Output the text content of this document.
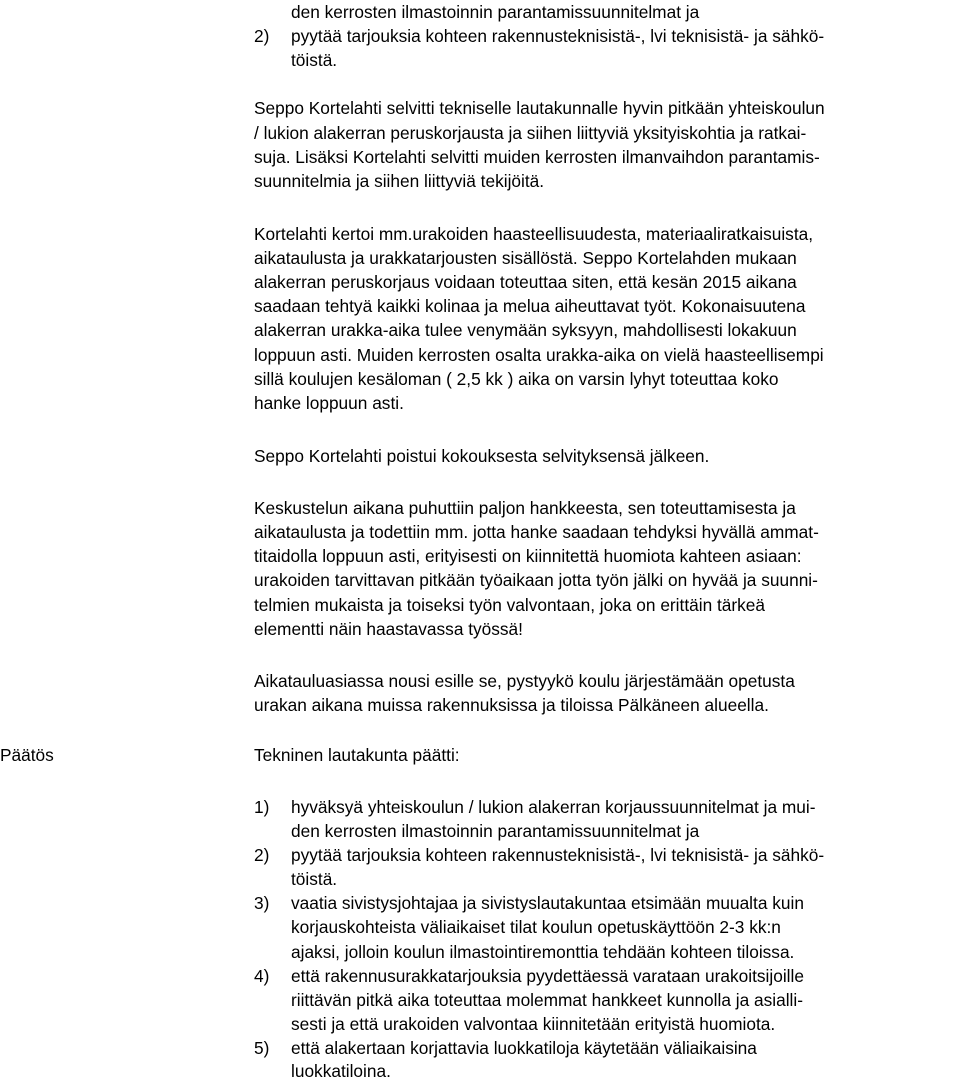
den kerrosten ilmastoinnin parantamissuunnitelmat ja
2) pyytää tarjouksia kohteen rakennusteknisistä-, lvi teknisistä- ja sähkö-
töistä.
Seppo Kortelahti selvitti tekniselle lautakunnalle hyvin pitkään yhteiskoulun
/ lukion alakerran peruskorjausta ja siihen liittyviä yksityiskohtia ja ratkai-
suja. Lisäksi Kortelahti selvitti muiden kerrosten ilmanvaihdon parantamis-
suunnitelmia ja siihen liittyviä tekijöitä.
Kortelahti kertoi mm.urakoiden haasteellisuudesta, materiaaliratkaisuista,
aikataulusta ja urakkatarjousten sisällöstä. Seppo Kortelahden mukaan
alakerran peruskorjaus voidaan toteuttaa siten, että kesän 2015 aikana
saadaan tehtyä kaikki kolinaa ja melua aiheuttavat työt. Kokonaisuutena
alakerran urakka-aika tulee venymään syksyyn, mahdollisesti lokakuun
loppuun asti. Muiden kerrosten osalta urakka-aika on vielä haasteellisempi
sillä koulujen kesäloman ( 2,5 kk ) aika on varsin lyhyt toteuttaa koko
hanke loppuun asti.
Seppo Kortelahti poistui kokouksesta selvityksensä jälkeen.
Keskustelun aikana puhuttiin paljon hankkeesta, sen toteuttamisesta ja
aikataulusta ja todettiin mm. jotta hanke saadaan tehdyksi hyvällä ammat-
titaidolla loppuun asti, erityisesti on kiinnitettä huomiota kahteen asiaan:
urakoiden tarvittavan pitkään työaikaan jotta työn jälki on hyvää ja suunni-
telmien mukaista ja toiseksi työn valvontaan, joka on erittäin tärkeä
elementti näin haastavassa työssä!
Aikatauluasiassa nousi esille se, pystyykö koulu järjestämään opetusta
urakan aikana muissa rakennuksissa ja tiloissa Pälkäneen alueella.
Päätös	Tekninen lautakunta päätti:
1) hyväksyä yhteiskoulun / lukion alakerran korjaussuunnitelmat ja mui-
den kerrosten ilmastoinnin parantamissuunnitelmat ja
2) pyytää tarjouksia kohteen rakennusteknisistä-, lvi teknisistä- ja sähkö-
töistä.
3) vaatia sivistysjohtajaa ja sivistyslautakuntaa etsimään muualta kuin
korjauskohteista väliaikaiset tilat koulun opetuskäyttöön 2-3 kk:n
ajaksi, jolloin koulun ilmastointiremonttia tehdään kohteen tiloissa.
4) että rakennusurakkatarjouksia pyydettäessä varataan urakoitsijoille
riittävän pitkä aika toteuttaa molemmat hankkeet kunnolla ja asialli-
sesti ja että urakoiden valvontaa kiinnitetään erityistä huomiota.
5) että alakertaan korjattavia luokkatiloja käytetään väliaikaisina
luokkatiloina.
